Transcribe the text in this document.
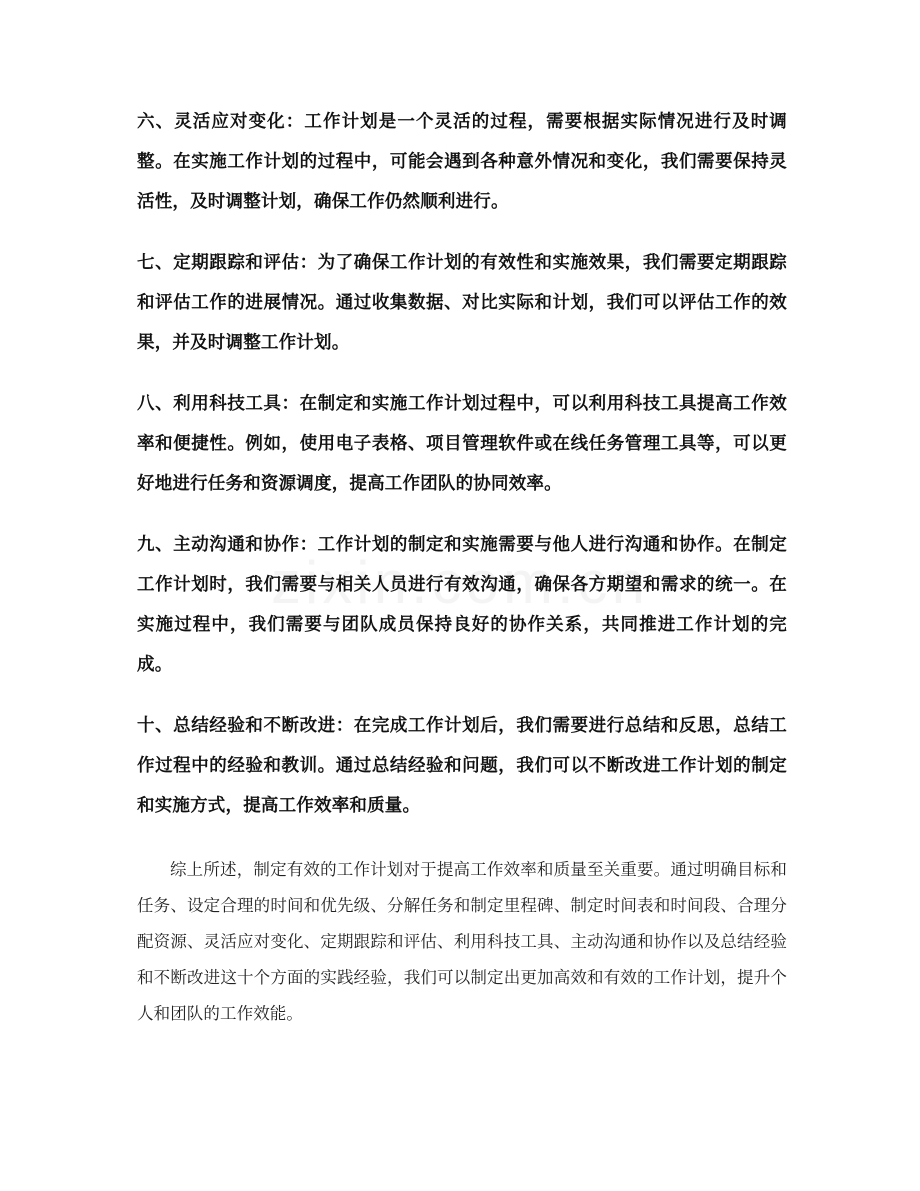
六、灵活应对变化：工作计划是一个灵活的过程，需要根据实际情况进行及时调整。在实施工作计划的过程中，可能会遇到各种意外情况和变化，我们需要保持灵活性，及时调整计划，确保工作仍然顺利进行。

七、定期跟踪和评估：为了确保工作计划的有效性和实施效果，我们需要定期跟踪和评估工作的进展情况。通过收集数据、对比实际和计划，我们可以评估工作的效果，并及时调整工作计划。

八、利用科技工具：在制定和实施工作计划过程中，可以利用科技工具提高工作效率和便捷性。例如，使用电子表格、项目管理软件或在线任务管理工具等，可以更好地进行任务和资源调度，提高工作团队的协同效率。

九、主动沟通和协作：工作计划的制定和实施需要与他人进行沟通和协作。在制定工作计划时，我们需要与相关人员进行有效沟通，确保各方期望和需求的统一。在实施过程中，我们需要与团队成员保持良好的协作关系，共同推进工作计划的完成。

十、总结经验和不断改进：在完成工作计划后，我们需要进行总结和反思，总结工作过程中的经验和教训。通过总结经验和问题，我们可以不断改进工作计划的制定和实施方式，提高工作效率和质量。

综上所述，制定有效的工作计划对于提高工作效率和质量至关重要。通过明确目标和任务、设定合理的时间和优先级、分解任务和制定里程碑、制定时间表和时间段、合理分配资源、灵活应对变化、定期跟踪和评估、利用科技工具、主动沟通和协作以及总结经验和不断改进这十个方面的实践经验，我们可以制定出更加高效和有效的工作计划，提升个人和团队的工作效能。
